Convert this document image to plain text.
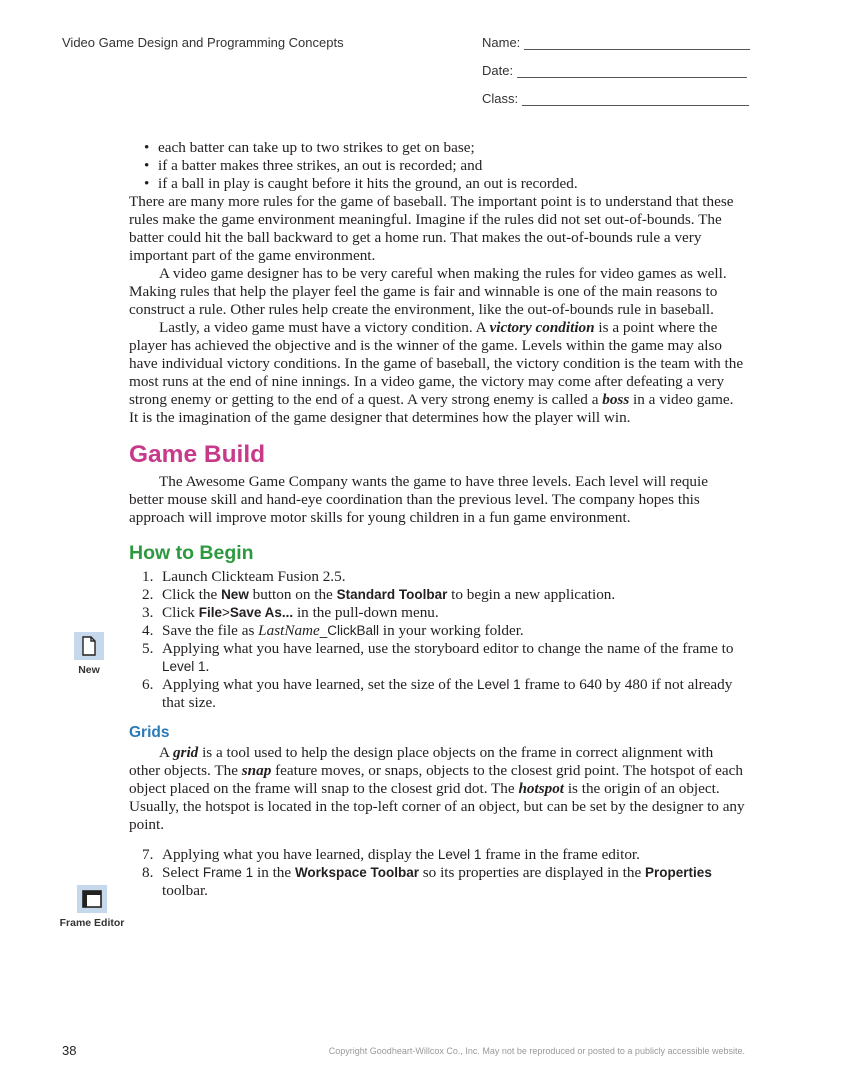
Video Game Design and Programming Concepts	Name:
Date:
Class:
New
Frame Editor
• each batter can take up to two strikes to get on base;
• if a batter makes three strikes, an out is recorded; and
• if a ball in play is caught before it hits the ground, an out is recorded.

There are many more rules for the game of baseball. The important point is to understand that these rules make the game environment meaningful. Imagine if the rules did not set out-of-bounds. The batter could hit the ball backward to get a home run. That makes the out-of-bounds rule a very important part of the game environment.

A video game designer has to be very careful when making the rules for video games as well. Making rules that help the player feel the game is fair and winnable is one of the main reasons to construct a rule. Other rules help create the environment, like the out-of-bounds rule in baseball.

Lastly, a video game must have a victory condition. A victory condition is a point where the player has achieved the objective and is the winner of the game. Levels within the game may also have individual victory conditions. In the game of baseball, the victory condition is the team with the most runs at the end of nine innings. In a video game, the victory may come after defeating a very strong enemy or getting to the end of a quest. A very strong enemy is called a boss in a video game. It is the imagination of the game designer that determines how the player will win.

Game Build

The Awesome Game Company wants the game to have three levels. Each level will requie better mouse skill and hand-eye coordination than the previous level. The company hopes this approach will improve motor skills for young children in a fun game environment.

How to Begin
1. Launch Clickteam Fusion 2.5.
2. Click the New button on the Standard Toolbar to begin a new application.
3. Click File>Save As... in the pull-down menu.
4. Save the file as LastName_ClickBall in your working folder.
5. Applying what you have learned, use the storyboard editor to change the name of the frame to Level 1.
6. Applying what you have learned, set the size of the Level 1 frame to 640 by 480 if not already that size.
Grids

A grid is a tool used to help the design place objects on the frame in correct alignment with other objects. The snap feature moves, or snaps, objects to the closest grid point. The hotspot of each object placed on the frame will snap to the closest grid dot. The hotspot is the origin of an object. Usually, the hotspot is located in the top-left corner of an object, but can be set by the designer to any point.

7. Applying what you have learned, display the Level 1 frame in the frame editor.
8. Select Frame 1 in the Workspace Toolbar so its properties are displayed in the Properties toolbar.
38	Copyright Goodheart-Willcox Co., Inc. May not be reproduced or posted to a publicly accessible website.
